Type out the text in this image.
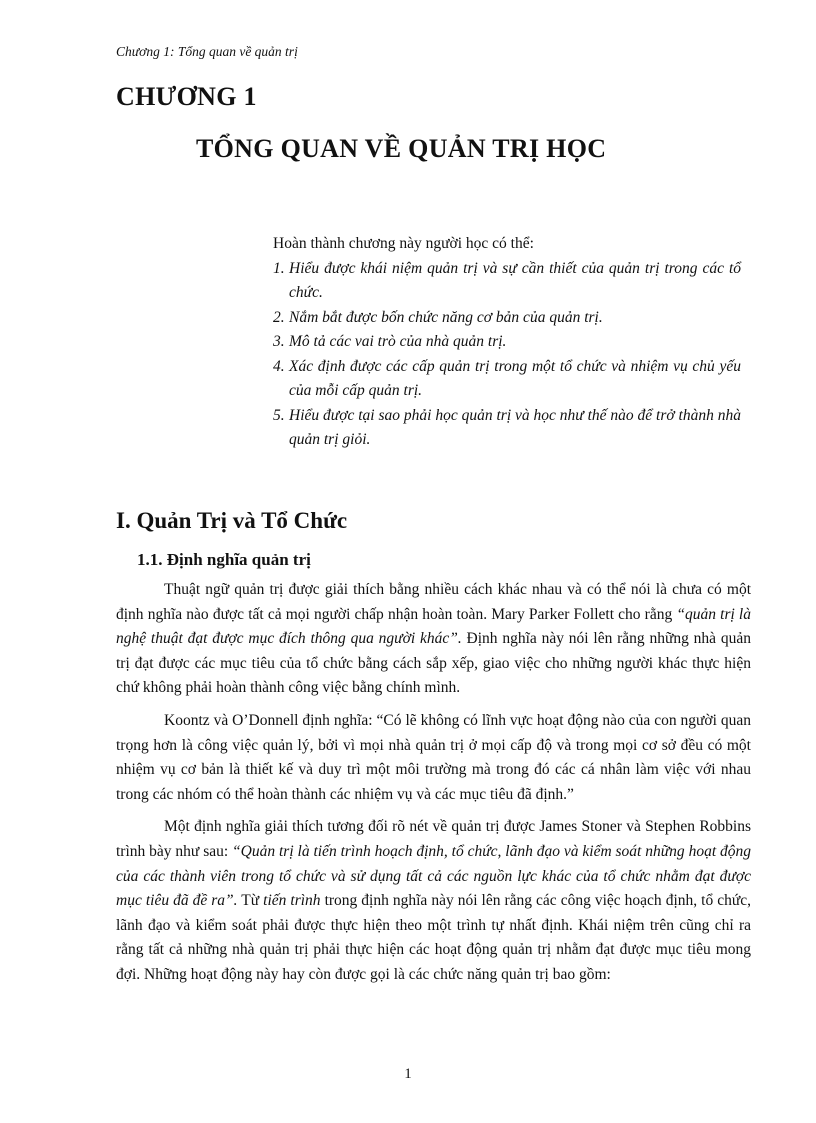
Chương 1: Tổng quan về quản trị
CHƯƠNG 1
TỔNG QUAN VỀ QUẢN TRỊ HỌC

Hoàn thành chương này người học có thể:

1. Hiểu được khái niệm quản trị và sự cần thiết của quản trị trong các tổ chức.
2. Nắm bắt được bốn chức năng cơ bản của quản trị.
3. Mô tả các vai trò của nhà quản trị.
4. Xác định được các cấp quản trị trong một tổ chức và nhiệm vụ chủ yếu của mỗi cấp quản trị.
5. Hiểu được tại sao phải học quản trị và học như thế nào để trở thành nhà quản trị giỏi.
I. Quản Trị và Tổ Chức
1.1. Định nghĩa quản trị

Thuật ngữ quản trị được giải thích bằng nhiều cách khác nhau và có thể nói là chưa có một định nghĩa nào được tất cả mọi người chấp nhận hoàn toàn. Mary Parker Follett cho rằng “quản trị là nghệ thuật đạt được mục đích thông qua người khác”. Định nghĩa này nói lên rằng những nhà quản trị đạt được các mục tiêu của tổ chức bằng cách sắp xếp, giao việc cho những người khác thực hiện chứ không phải hoàn thành công việc bằng chính mình.

Koontz và O’Donnell định nghĩa: “Có lẽ không có lĩnh vực hoạt động nào của con người quan trọng hơn là công việc quản lý, bởi vì mọi nhà quản trị ở mọi cấp độ và trong mọi cơ sở đều có một nhiệm vụ cơ bản là thiết kế và duy trì một môi trường mà trong đó các cá nhân làm việc với nhau trong các nhóm có thể hoàn thành các nhiệm vụ và các mục tiêu đã định.”

Một định nghĩa giải thích tương đối rõ nét về quản trị được James Stoner và Stephen Robbins trình bày như sau: “Quản trị là tiến trình hoạch định, tổ chức, lãnh đạo và kiểm soát những hoạt động của các thành viên trong tổ chức và sử dụng tất cả các nguồn lực khác của tổ chức nhằm đạt được mục tiêu đã đề ra”. Từ tiến trình trong định nghĩa này nói lên rằng các công việc hoạch định, tổ chức, lãnh đạo và kiểm soát phải được thực hiện theo một trình tự nhất định. Khái niệm trên cũng chỉ ra rằng tất cả những nhà quản trị phải thực hiện các hoạt động quản trị nhằm đạt được mục tiêu mong đợi. Những hoạt động này hay còn được gọi là các chức năng quản trị bao gồm:

1
